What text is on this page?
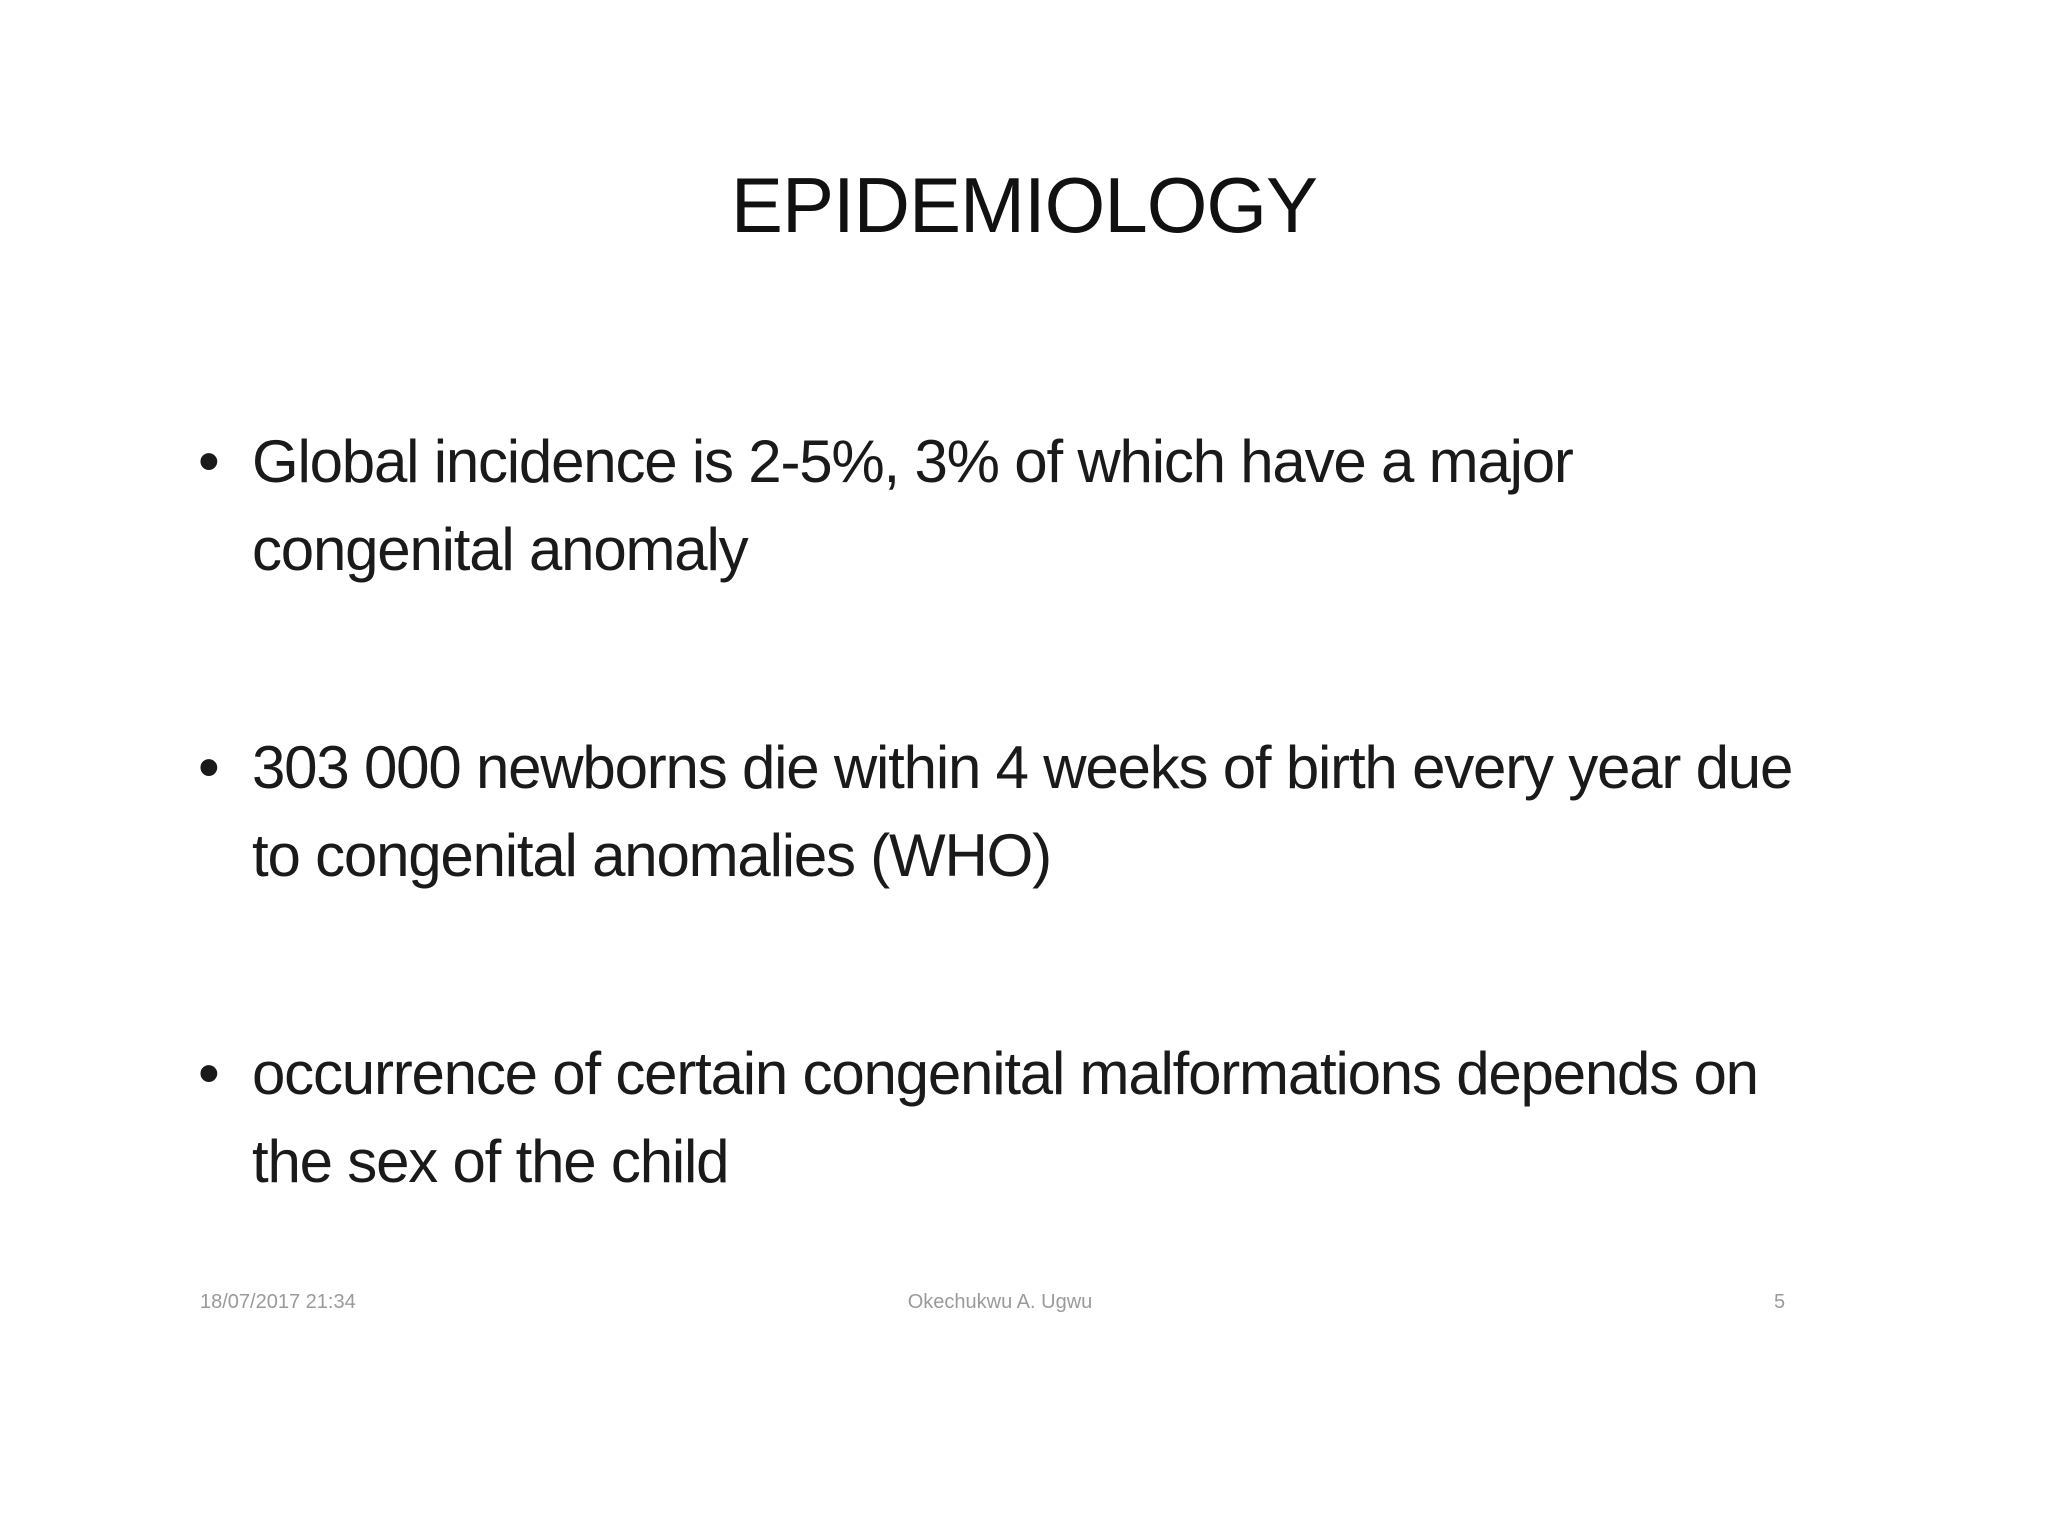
EPIDEMIOLOGY
• Global incidence is 2-5%, 3% of which have a major congenital anomaly
• 303 000 newborns die within 4 weeks of birth every year due to congenital anomalies (WHO)
• occurrence of certain congenital malformations depends on the sex of the child
18/07/2017 21:34	Okechukwu A. Ugwu	5
